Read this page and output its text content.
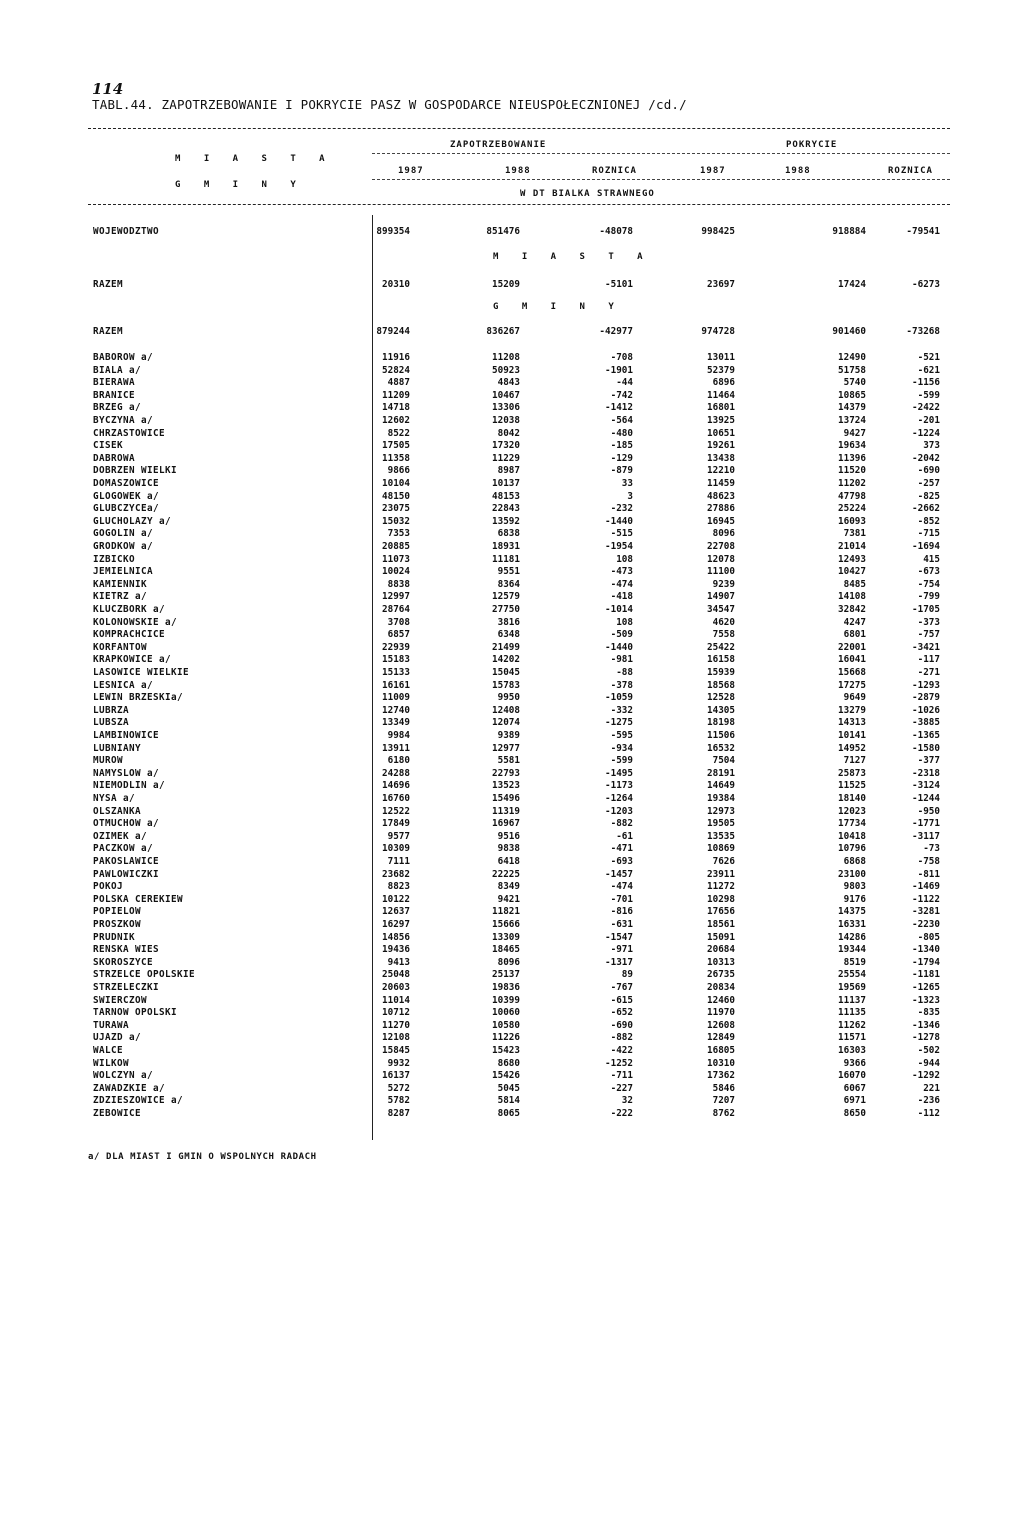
114
TABL.44. ZAPOTRZEBOWANIE I POKRYCIE PASZ W GOSPODARCE NIEUSPOŁECZNIONEJ /cd./
ZAPOTRZEBOWANIE	POKRYCIE
M I A S T A
1987	1988	ROZNICA	1987	1988	ROZNICA
G M I N Y
W DT BIALKA STRAWNEGO
WOJEWODZTWO	899354	851476	-48078	998425	918884	-79541
M I A S T A
RAZEM	20310	15209	-5101	23697	17424	-6273
G M I N Y
RAZEM	879244	836267	-42977	974728	901460	-73268
BABOROW a/	11916	11208	-708	13011	12490	-521
BIALA a/	52824	50923	-1901	52379	51758	-621
BIERAWA	4887	4843	-44	6896	5740	-1156
BRANICE	11209	10467	-742	11464	10865	-599
BRZEG a/	14718	13306	-1412	16801	14379	-2422
BYCZYNA a/	12602	12038	-564	13925	13724	-201
CHRZASTOWICE	8522	8042	-480	10651	9427	-1224
CISEK	17505	17320	-185	19261	19634	373
DABROWA	11358	11229	-129	13438	11396	-2042
DOBRZEN WIELKI	9866	8987	-879	12210	11520	-690
DOMASZOWICE	10104	10137	33	11459	11202	-257
GLOGOWEK a/	48150	48153	3	48623	47798	-825
GLUBCZYCEa/	23075	22843	-232	27886	25224	-2662
GLUCHOLAZY a/	15032	13592	-1440	16945	16093	-852
GOGOLIN a/	7353	6838	-515	8096	7381	-715
GRODKOW a/	20885	18931	-1954	22708	21014	-1694
IZBICKO	11073	11181	108	12078	12493	415
JEMIELNICA	10024	9551	-473	11100	10427	-673
KAMIENNIK	8838	8364	-474	9239	8485	-754
KIETRZ a/	12997	12579	-418	14907	14108	-799
KLUCZBORK a/	28764	27750	-1014	34547	32842	-1705
KOLONOWSKIE a/	3708	3816	108	4620	4247	-373
KOMPRACHCICE	6857	6348	-509	7558	6801	-757
KORFANTOW	22939	21499	-1440	25422	22001	-3421
KRAPKOWICE a/	15183	14202	-981	16158	16041	-117
LASOWICE WIELKIE	15133	15045	-88	15939	15668	-271
LESNICA a/	16161	15783	-378	18568	17275	-1293
LEWIN BRZESKIa/	11009	9950	-1059	12528	9649	-2879
LUBRZA	12740	12408	-332	14305	13279	-1026
LUBSZA	13349	12074	-1275	18198	14313	-3885
LAMBINOWICE	9984	9389	-595	11506	10141	-1365
LUBNIANY	13911	12977	-934	16532	14952	-1580
MUROW	6180	5581	-599	7504	7127	-377
NAMYSLOW a/	24288	22793	-1495	28191	25873	-2318
NIEMODLIN a/	14696	13523	-1173	14649	11525	-3124
NYSA a/	16760	15496	-1264	19384	18140	-1244
OLSZANKA	12522	11319	-1203	12973	12023	-950
OTMUCHOW a/	17849	16967	-882	19505	17734	-1771
OZIMEK a/	9577	9516	-61	13535	10418	-3117
PACZKOW a/	10309	9838	-471	10869	10796	-73
PAKOSLAWICE	7111	6418	-693	7626	6868	-758
PAWLOWICZKI	23682	22225	-1457	23911	23100	-811
POKOJ	8823	8349	-474	11272	9803	-1469
POLSKA CEREKIEW	10122	9421	-701	10298	9176	-1122
POPIELOW	12637	11821	-816	17656	14375	-3281
PROSZKOW	16297	15666	-631	18561	16331	-2230
PRUDNIK	14856	13309	-1547	15091	14286	-805
RENSKA WIES	19436	18465	-971	20684	19344	-1340
SKOROSZYCE	9413	8096	-1317	10313	8519	-1794
STRZELCE OPOLSKIE	25048	25137	89	26735	25554	-1181
STRZELECZKI	20603	19836	-767	20834	19569	-1265
SWIERCZOW	11014	10399	-615	12460	11137	-1323
TARNOW OPOLSKI	10712	10060	-652	11970	11135	-835
TURAWA	11270	10580	-690	12608	11262	-1346
UJAZD a/	12108	11226	-882	12849	11571	-1278
WALCE	15845	15423	-422	16805	16303	-502
WILKOW	9932	8680	-1252	10310	9366	-944
WOLCZYN a/	16137	15426	-711	17362	16070	-1292
ZAWADZKIE a/	5272	5045	-227	5846	6067	221
ZDZIESZOWICE a/	5782	5814	32	7207	6971	-236
ZEBOWICE	8287	8065	-222	8762	8650	-112
a/ DLA MIAST I GMIN O WSPOLNYCH RADACH
